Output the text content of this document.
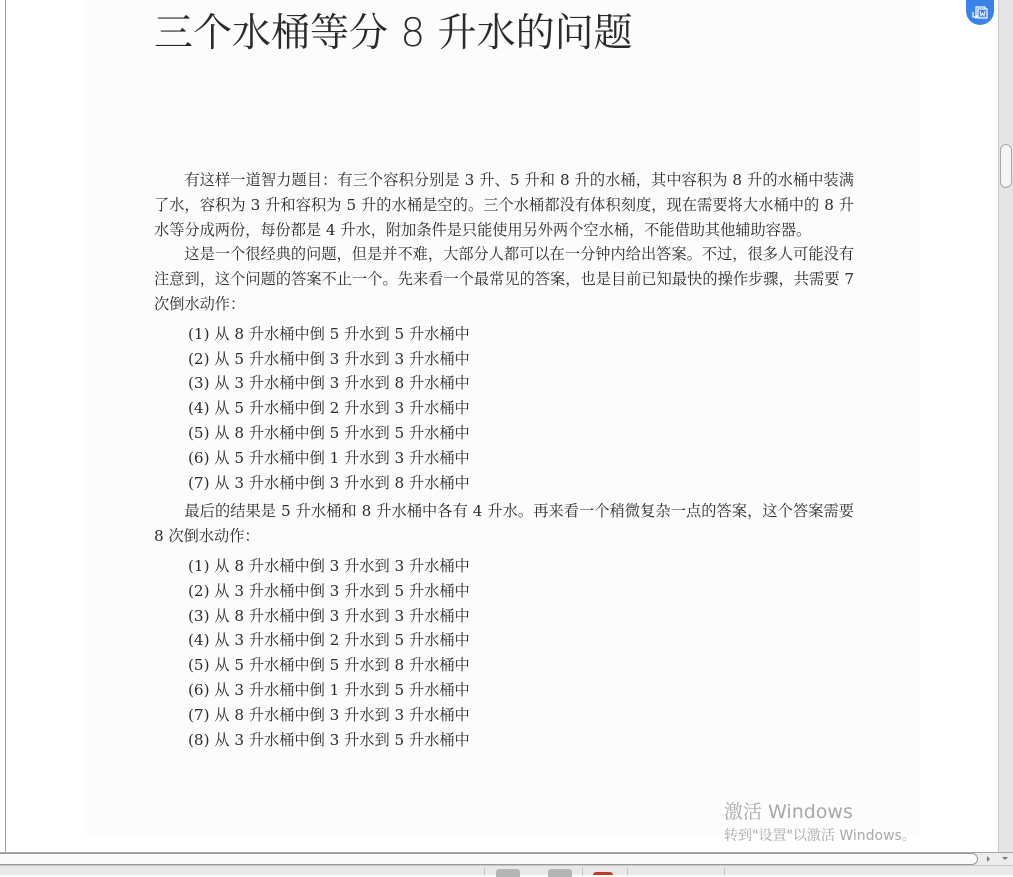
三个水桶等分 8 升水的问题

有这样一道智力题目：有三个容积分别是 3 升、5 升和 8 升的水桶，其中容积为 8 升的水桶中装满了水，容积为 3 升和容积为 5 升的水桶是空的。三个水桶都没有体积刻度，现在需要将大水桶中的 8 升水等分成两份，每份都是 4 升水，附加条件是只能使用另外两个空水桶，不能借助其他辅助容器。

这是一个很经典的问题，但是并不难，大部分人都可以在一分钟内给出答案。不过，很多人可能没有注意到，这个问题的答案不止一个。先来看一个最常见的答案，也是目前已知最快的操作步骤，共需要 7 次倒水动作：

(1) 从 8 升水桶中倒 5 升水到 5 升水桶中
(2) 从 5 升水桶中倒 3 升水到 3 升水桶中
(3) 从 3 升水桶中倒 3 升水到 8 升水桶中
(4) 从 5 升水桶中倒 2 升水到 3 升水桶中
(5) 从 8 升水桶中倒 5 升水到 5 升水桶中
(6) 从 5 升水桶中倒 1 升水到 3 升水桶中
(7) 从 3 升水桶中倒 3 升水到 8 升水桶中

最后的结果是 5 升水桶和 8 升水桶中各有 4 升水。再来看一个稍微复杂一点的答案，这个答案需要 8 次倒水动作：

(1) 从 8 升水桶中倒 3 升水到 3 升水桶中
(2) 从 3 升水桶中倒 3 升水到 5 升水桶中
(3) 从 8 升水桶中倒 3 升水到 3 升水桶中
(4) 从 3 升水桶中倒 2 升水到 5 升水桶中
(5) 从 5 升水桶中倒 5 升水到 8 升水桶中
(6) 从 3 升水桶中倒 1 升水到 5 升水桶中
(7) 从 8 升水桶中倒 3 升水到 3 升水桶中
(8) 从 3 升水桶中倒 3 升水到 5 升水桶中
激活 Windows
转到"设置"以激活 Windows。
